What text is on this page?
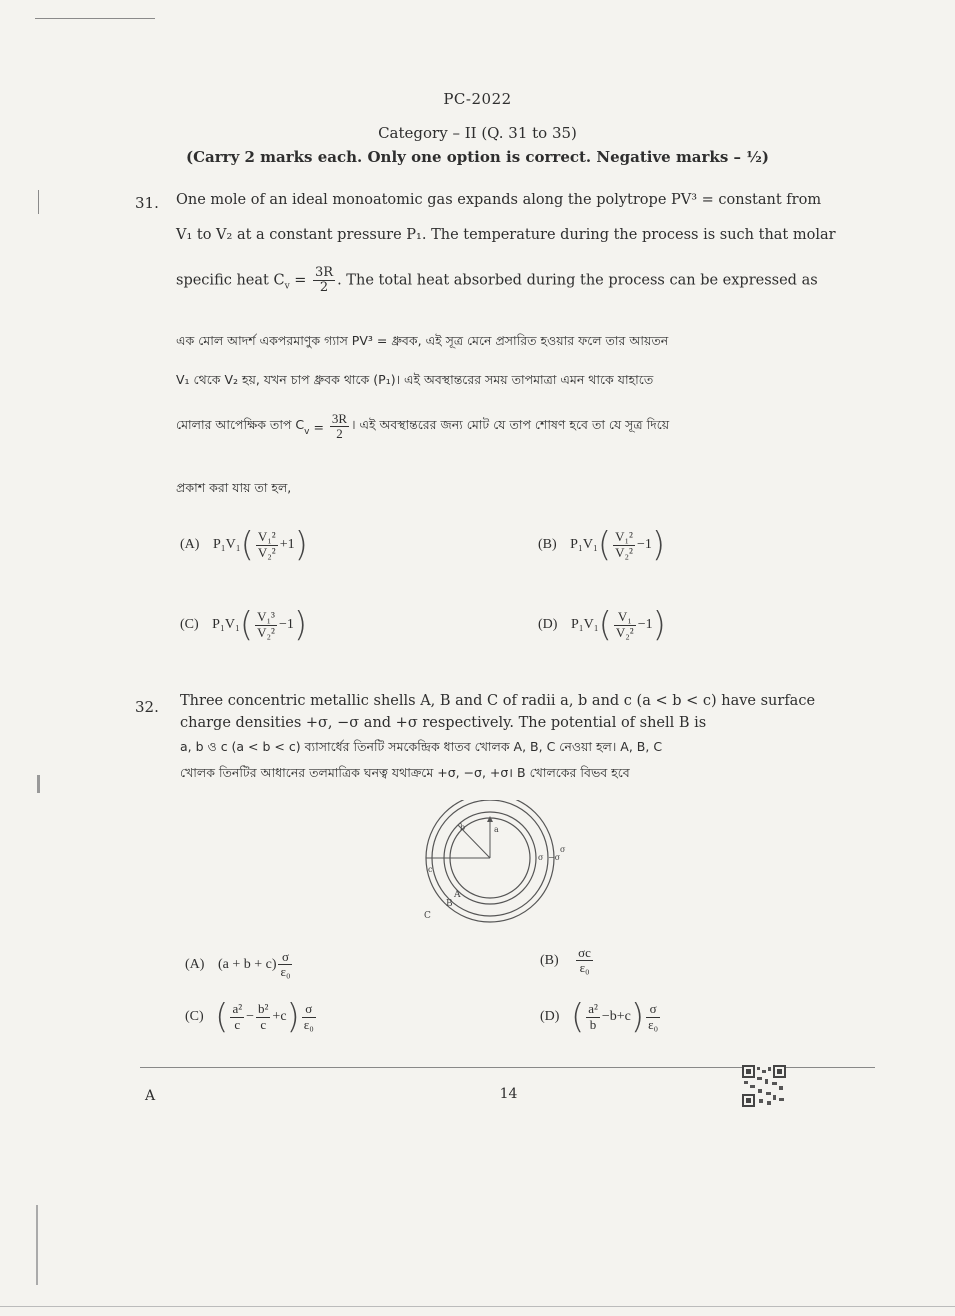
PC-2022
Category – II (Q. 31 to 35)
(Carry 2 marks each. Only one option is correct. Negative marks – ½)
31. One mole of an ideal monoatomic gas expands along the polytrope PV³ = constant from
V₁ to V₂ at a constant pressure P₁. The temperature during the process is such that molar
specific heat $C_v = \frac{3R}{2}$ . The total heat absorbed during the process can be expressed as
এক মোল আদর্শ একপরমাণুক গ্যাস PV³ = ধ্রুবক, এই সূত্র মেনে প্রসারিত হওয়ার ফলে তার আয়তন
V₁ থেকে V₂ হয়, যখন চাপ ধ্রুবক থাকে (P₁)। এই অবস্থান্তরের সময় তাপমাত্রা এমন থাকে যাহাতে
মোলার আপেক্ষিক তাপ $C_v = \frac{3R}{2}$ । এই অবস্থান্তরের জন্য মোট যে তাপ শোষণ হবে তা যে সূত্র দিয়ে
প্রকাশ করা যায় তা হল,
(A) $P_1V_1( \frac{\text{V₁²}}{\text{V₂²}} +1)$	(B) $P_1V_1( \frac{\text{V₁²}}{\text{V₂²}} -1)$
(C) $P_1V_1( \frac{\text{V₁³}}{\text{V₂²}} -1)$	(D) $P_1V_1( \frac{\text{V₁}}{\text{V₂²}} -1)$
32. Three concentric metallic shells A, B and C of radii a, b and c (a < b < c) have surface
charge densities +σ, −σ and +σ respectively. The potential of shell B is
a, b ও c (a < b < c) ব্যাসার্ধের তিনটি সমকেন্দ্রিক ধাতব খোলক A, B, C নেওয়া হল। A, B, C
খোলক তিনটির আধানের তলমাত্রিক ঘনত্ব যথাক্রমে +σ, −σ, +σ। B খোলকের বিভব হবে
a
b
c
A
B
C
σ −σ
σ
(A) $(a + b + c) \frac{\sigma}{\text{ε₀}}$	$(B) \frac{\sigma c}{\text{ε₀}}$
(C) ( $\frac{\text{a²}}{c} - \frac{\text{b²}}{c} +c) \frac{\sigma}{\text{ε₀}}$	(D) ( $\frac{\text{a²}}{b} -b+c) \frac{\sigma}{\text{ε₀}}$
A	14
